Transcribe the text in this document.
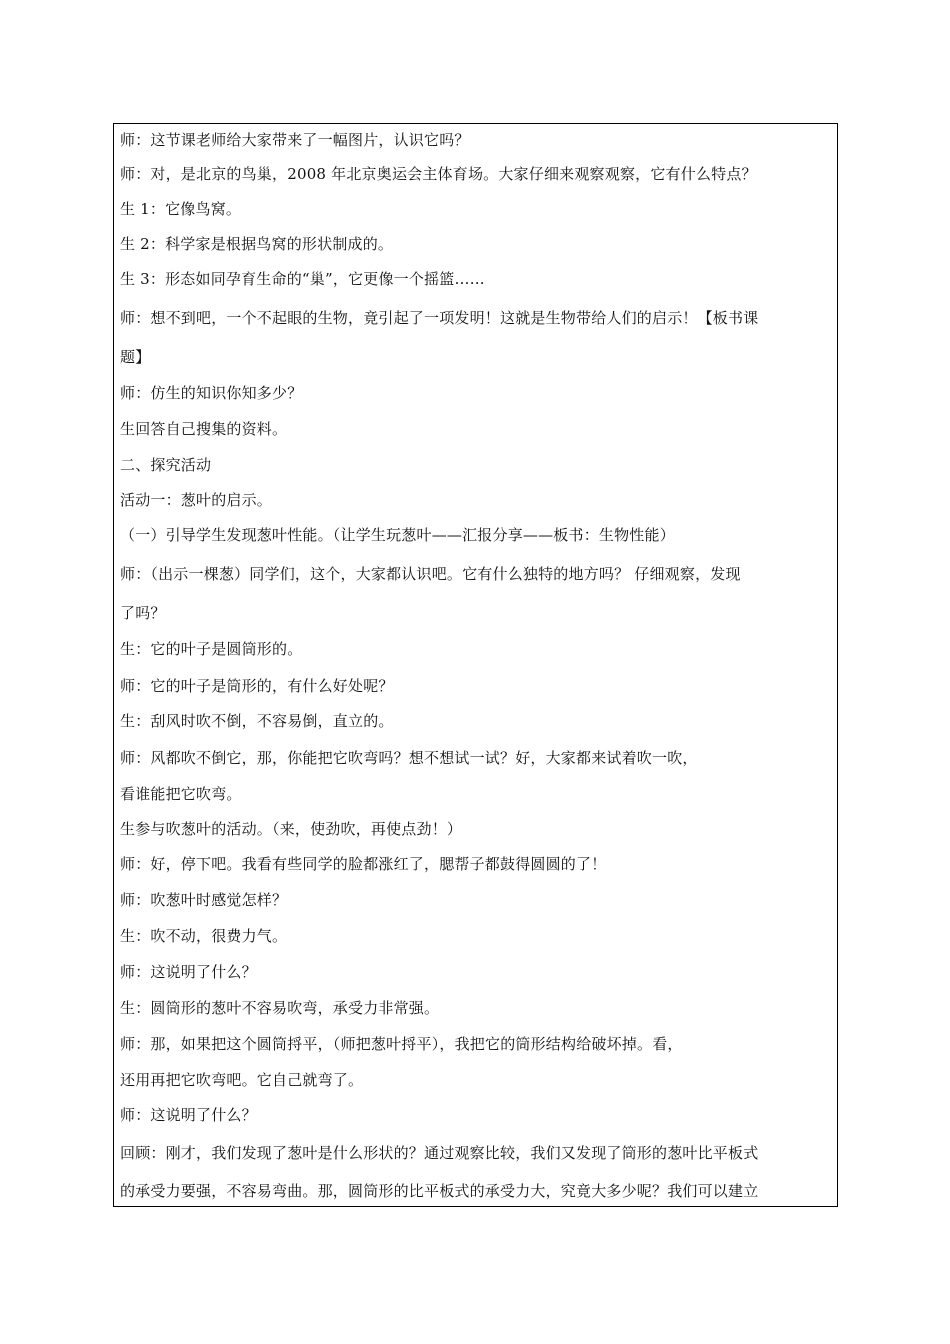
师：这节课老师给大家带来了一幅图片，认识它吗？
师：对，是北京的鸟巢，2008 年北京奥运会主体育场。大家仔细来观察观察，它有什么特点？
生 1：它像鸟窝。
生 2：科学家是根据鸟窝的形状制成的。
生 3：形态如同孕育生命的“巢”，它更像一个摇篮……
师：想不到吧，一个不起眼的生物，竟引起了一项发明！这就是生物带给人们的启示！【板书课
题】
师：仿生的知识你知多少？
生回答自己搜集的资料。
二、探究活动
活动一：葱叶的启示。
（一）引导学生发现葱叶性能。（让学生玩葱叶——汇报分享——板书：生物性能）
师：（出示一棵葱）同学们，这个，大家都认识吧。它有什么独特的地方吗？ 仔细观察，发现
了吗？
生：它的叶子是圆筒形的。
师：它的叶子是筒形的，有什么好处呢？
生：刮风时吹不倒，不容易倒，直立的。
师：风都吹不倒它，那，你能把它吹弯吗？想不想试一试？好，大家都来试着吹一吹，
看谁能把它吹弯。
生参与吹葱叶的活动。（来，使劲吹，再使点劲！）
师：好，停下吧。我看有些同学的脸都涨红了，腮帮子都鼓得圆圆的了！
师：吹葱叶时感觉怎样？
生：吹不动，很费力气。
师：这说明了什么？
生：圆筒形的葱叶不容易吹弯，承受力非常强。
师：那，如果把这个圆筒捋平，（师把葱叶捋平），我把它的筒形结构给破坏掉。看，
还用再把它吹弯吧。它自己就弯了。
师：这说明了什么？
回顾：刚才，我们发现了葱叶是什么形状的？通过观察比较，我们又发现了筒形的葱叶比平板式
的承受力要强，不容易弯曲。那，圆筒形的比平板式的承受力大，究竟大多少呢？我们可以建立
